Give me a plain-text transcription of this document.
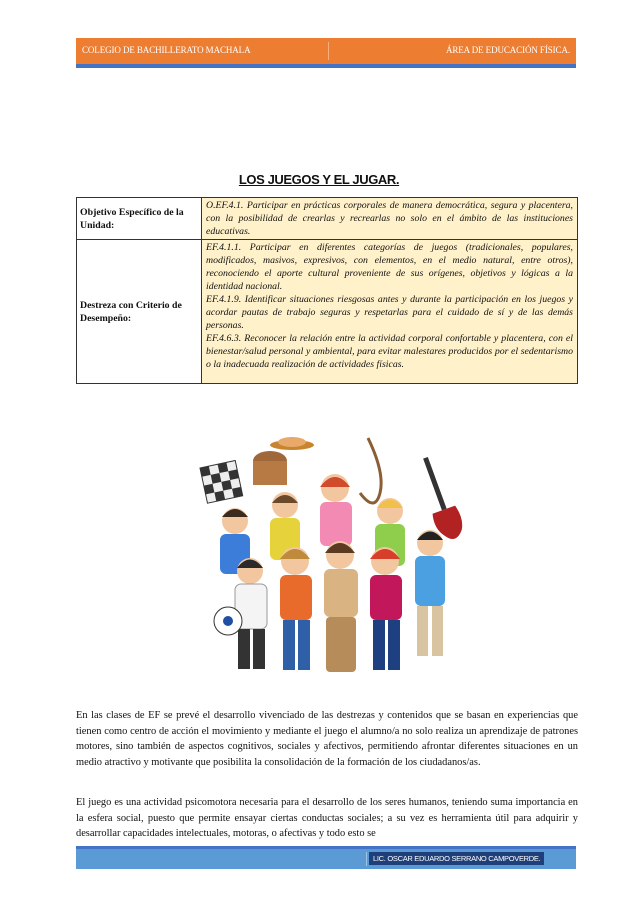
COLEGIO DE BACHILLERATO MACHALA	ÁREA DE EDUCACIÓN FÍSICA.
LOS JUEGOS Y EL JUGAR.
Objetivo Específico de la Unidad:	O.EF.4.1. Participar en prácticas corporales de manera democrática, segura y placentera, con la posibilidad de crearlas y recrearlas no solo en el ámbito de las instituciones educativas.
Destreza con Criterio de Desempeño:	EF.4.1.1. Participar en diferentes categorías de juegos (tradicionales, populares, modificados, masivos, expresivos, con elementos, en el medio natural, entre otros), reconociendo el aporte cultural proveniente de sus orígenes, objetivos y lógicas a la identidad nacional.
EF.4.1.9. Identificar situaciones riesgosas antes y durante la participación en los juegos y acordar pautas de trabajo seguras y respetarlas para el cuidado de sí y de las demás personas.
EF.4.6.3. Reconocer la relación entre la actividad corporal confortable y placentera, con el bienestar/salud personal y ambiental, para evitar malestares producidos por el sedentarismo o la inadecuada realización de actividades físicas.
En las clases de EF se prevé el desarrollo vivenciado de las destrezas y contenidos que se basan en experiencias que tienen como centro de acción el movimiento y mediante el juego el alumno/a no solo realiza un aprendizaje de patrones motores, sino también de aspectos cognitivos, sociales y afectivos, permitiendo afrontar diferentes situaciones en un medio atractivo y motivante que posibilita la consolidación de la formación de los ciudadanos/as.
El juego es una actividad psicomotora necesaria para el desarrollo de los seres humanos, teniendo suma importancia en la esfera social, puesto que permite ensayar ciertas conductas sociales; a su vez es herramienta útil para adquirir y desarrollar capacidades intelectuales, motoras, o afectivas y todo esto se
LIC. OSCAR EDUARDO SERRANO CAMPOVERDE.
